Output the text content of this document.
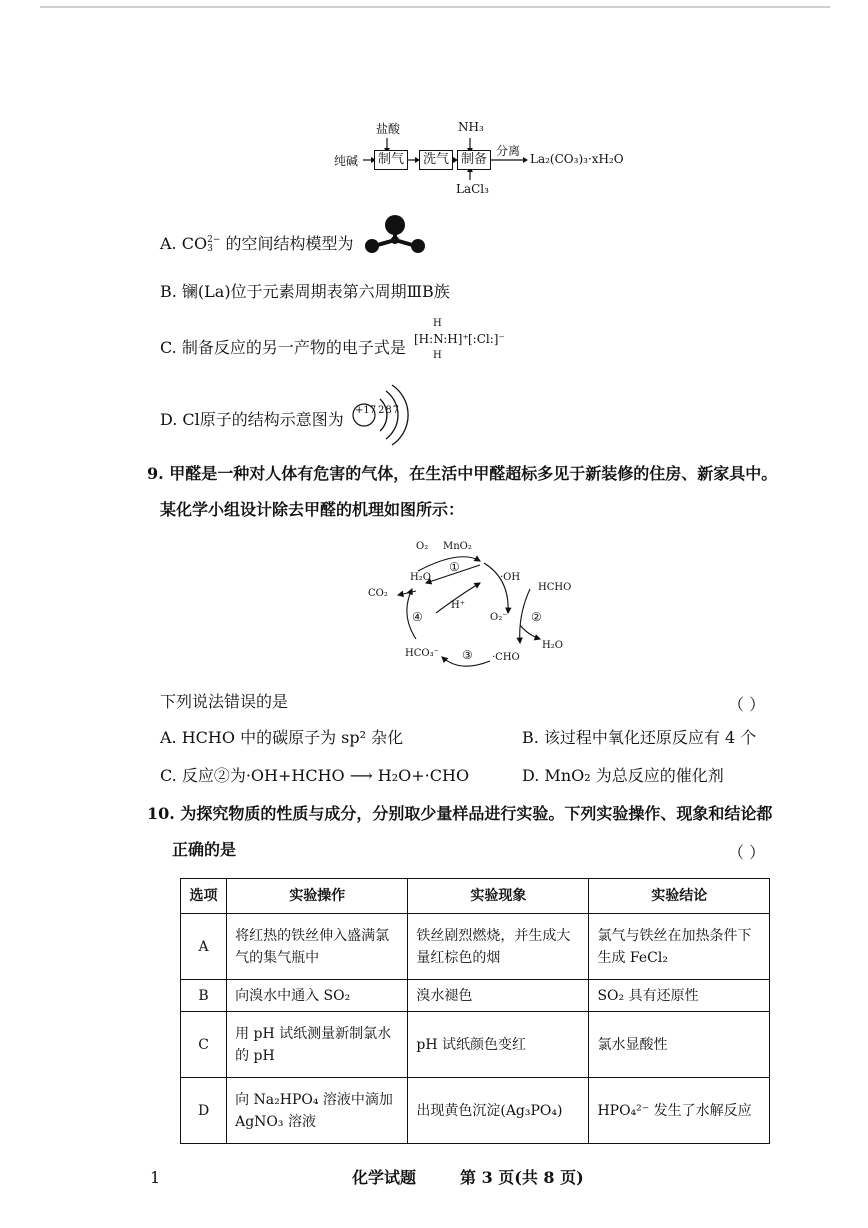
盐酸	NH₃
纯碱	制气	洗气 制备
分离
La₂(CO₃)₃·xH₂O
LaCl₃
A. CO 2−
3 的空间结构模型为
B. 镧(La)位于元素周期表第六周期ⅢB族
C. 制备反应的另一产物的电子式是
H
[H:N:H]⁺ [:Cl:]⁻
H
D. Cl原子的结构示意图为 +17 287
9. 甲醛是一种对人体有危害的气体，在生活中甲醛超标多见于新装修的住房、新家具中。
某化学小组设计除去甲醛的机理如图所示：
O₂ MnO₂
H₂O
①
·OH
HCHO
CO₂
④
H⁺
O₂⁻ ②
H₂O
HCO₃⁻ ③ ·CHO
下列说法错误的是	（ ）
A. HCHO 中的碳原子为 sp² 杂化	B. 该过程中氧化还原反应有 4 个
C. 反应②为·OH+HCHO ⟶ H₂O+·CHO	D. MnO₂ 为总反应的催化剂
10. 为探究物质的性质与成分，分别取少量样品进行实验。下列实验操作、现象和结论都
正确的是	（ ）
选项	实验操作	实验现象	实验结论
A	将红热的铁丝伸入盛满氯气的集气瓶中	铁丝剧烈燃烧，并生成大量红棕色的烟	氯气与铁丝在加热条件下生成 FeCl₂
B	向溴水中通入 SO₂	溴水褪色	SO₂ 具有还原性
C	用 pH 试纸测量新制氯水的 pH	pH 试纸颜色变红	氯水显酸性
D	向 Na₂HPO₄ 溶液中滴加 AgNO₃ 溶液	出现黄色沉淀(Ag₃PO₄)	HPO₄²⁻ 发生了水解反应
1	化学试题	第 3 页(共 8 页)
